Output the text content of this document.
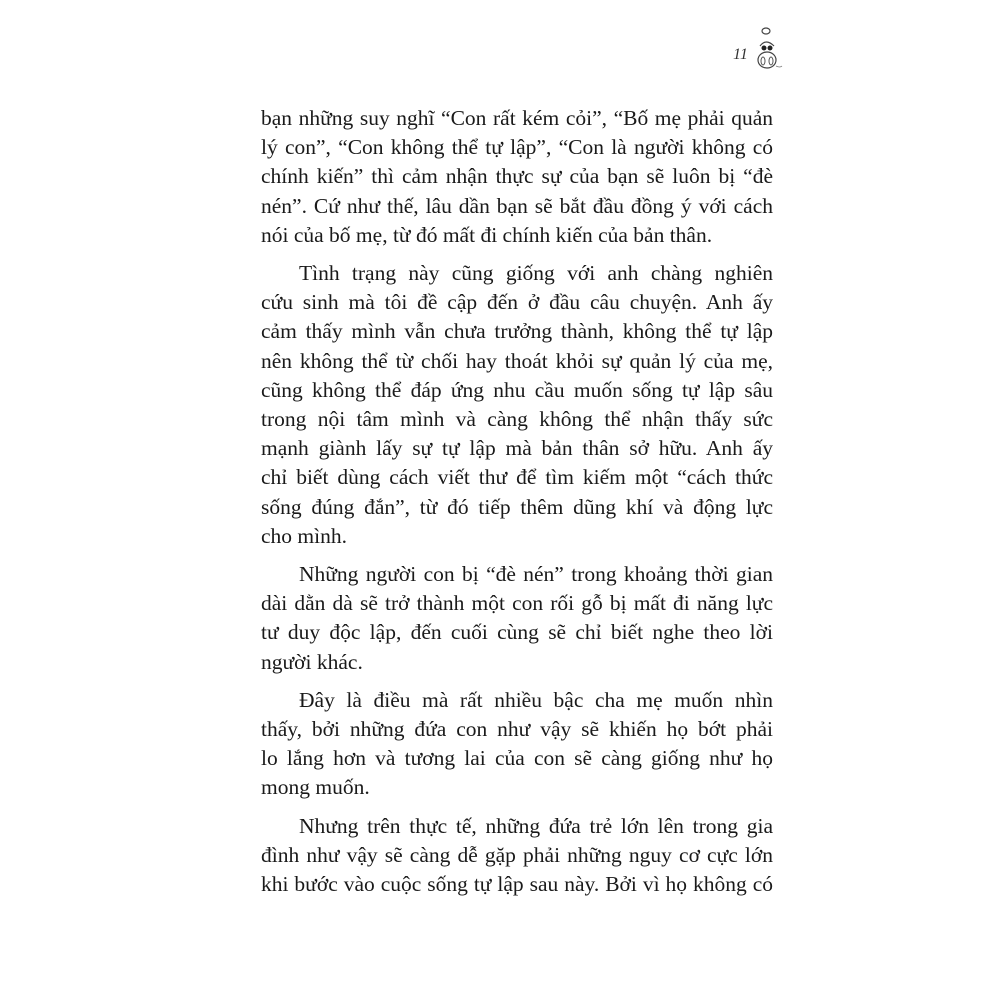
11
bạn những suy nghĩ “Con rất kém cỏi”, “Bố mẹ phải quản
lý con”, “Con không thể tự lập”, “Con là người không có
chính kiến” thì cảm nhận thực sự của bạn sẽ luôn bị “đè
nén”. Cứ như thế, lâu dần bạn sẽ bắt đầu đồng ý với cách
nói của bố mẹ, từ đó mất đi chính kiến của bản thân.
Tình trạng này cũng giống với anh chàng nghiên
cứu sinh mà tôi đề cập đến ở đầu câu chuyện. Anh ấy
cảm thấy mình vẫn chưa trưởng thành, không thể tự lập
nên không thể từ chối hay thoát khỏi sự quản lý của mẹ,
cũng không thể đáp ứng nhu cầu muốn sống tự lập sâu
trong nội tâm mình và càng không thể nhận thấy sức
mạnh giành lấy sự tự lập mà bản thân sở hữu. Anh ấy
chỉ biết dùng cách viết thư để tìm kiếm một “cách thức
sống đúng đắn”, từ đó tiếp thêm dũng khí và động lực
cho mình.
Những người con bị “đè nén” trong khoảng thời gian
dài dằn dà sẽ trở thành một con rối gỗ bị mất đi năng lực
tư duy độc lập, đến cuối cùng sẽ chỉ biết nghe theo lời
người khác.
Đây là điều mà rất nhiều bậc cha mẹ muốn nhìn
thấy, bởi những đứa con như vậy sẽ khiến họ bớt phải
lo lắng hơn và tương lai của con sẽ càng giống như họ
mong muốn.
Nhưng trên thực tế, những đứa trẻ lớn lên trong gia
đình như vậy sẽ càng dễ gặp phải những nguy cơ cực lớn
khi bước vào cuộc sống tự lập sau này. Bởi vì họ không có
